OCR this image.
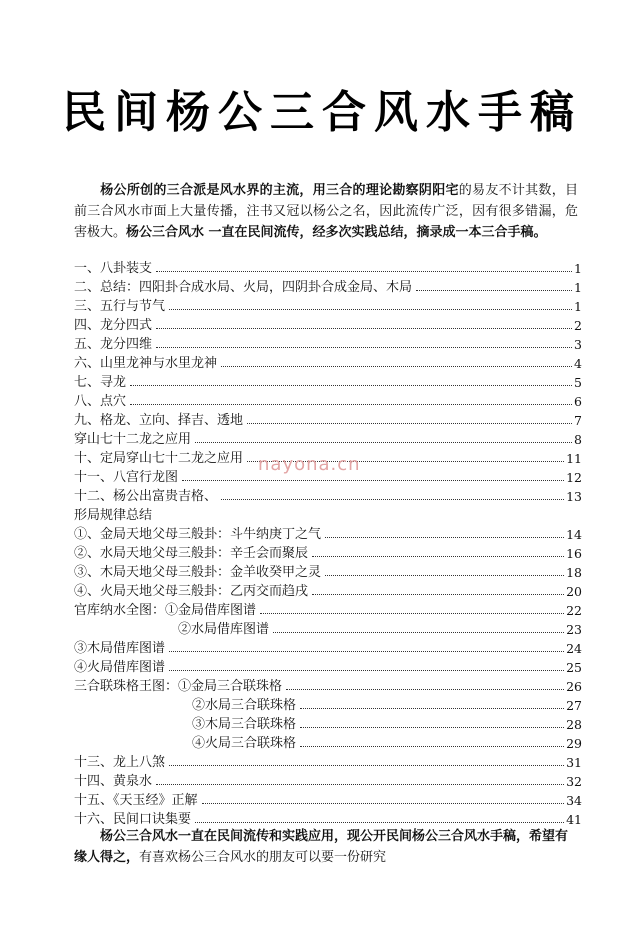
民间杨公三合风水手稿
杨公所创的三合派是风水界的主流，用三合的理论勘察阴阳宅的易友不计其数，目前三合风水市面上大量传播，注书又冠以杨公之名，因此流传广泛，因有很多错漏，危害极大。杨公三合风水 一直在民间流传，经多次实践总结，摘录成一本三合手稿。
一、八卦装支	1
二、总结：四阳卦合成水局、火局，四阴卦合成金局、木局	1
三、五行与节气	1
四、龙分四式	2
五、龙分四维	3
六、山里龙神与水里龙神	4
七、寻龙	5
八、点穴	6
九、格龙、立向、择吉、透地	7
穿山七十二龙之应用	8
十、定局穿山七十二龙之应用	11
十一、八宫行龙图	12
十二、杨公出富贵吉格、	13
形局规律总结
①、金局天地父母三般卦：斗牛纳庚丁之气	14
②、水局天地父母三般卦：辛壬会而聚辰	16
③、木局天地父母三般卦：金羊收癸甲之灵	18
④、火局天地父母三般卦：乙丙交而趋戌	20
官库纳水全图：①金局借库图谱	22
②水局借库图谱	23
③木局借库图谱	24
④火局借库图谱	25
三合联珠格王图：①金局三合联珠格	26
②水局三合联珠格	27
③木局三合联珠格	28
④火局三合联珠格	29
十三、龙上八煞	31
十四、黄泉水	32
十五、《天玉经》正解	34
十六、民间口诀集要	41
nayona.cn
杨公三合风水一直在民间流传和实践应用，现公开民间杨公三合风水手稿，希望有缘人得之，有喜欢杨公三合风水的朋友可以要一份研究
